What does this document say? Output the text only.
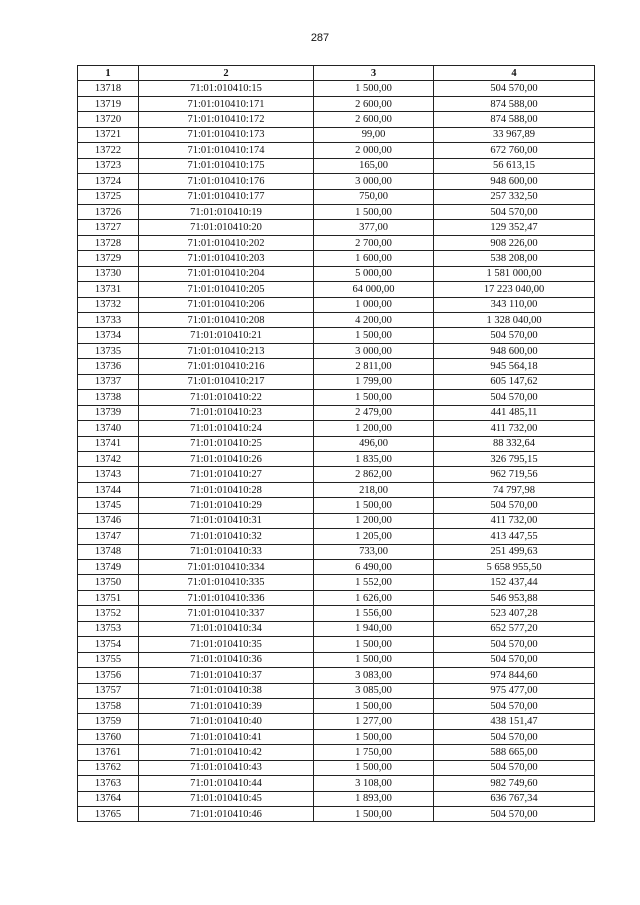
287
1	2	3	4
13718	71:01:010410:15	1 500,00	504 570,00
13719	71:01:010410:171	2 600,00	874 588,00
13720	71:01:010410:172	2 600,00	874 588,00
13721	71:01:010410:173	99,00	33 967,89
13722	71:01:010410:174	2 000,00	672 760,00
13723	71:01:010410:175	165,00	56 613,15
13724	71:01:010410:176	3 000,00	948 600,00
13725	71:01:010410:177	750,00	257 332,50
13726	71:01:010410:19	1 500,00	504 570,00
13727	71:01:010410:20	377,00	129 352,47
13728	71:01:010410:202	2 700,00	908 226,00
13729	71:01:010410:203	1 600,00	538 208,00
13730	71:01:010410:204	5 000,00	1 581 000,00
13731	71:01:010410:205	64 000,00	17 223 040,00
13732	71:01:010410:206	1 000,00	343 110,00
13733	71:01:010410:208	4 200,00	1 328 040,00
13734	71:01:010410:21	1 500,00	504 570,00
13735	71:01:010410:213	3 000,00	948 600,00
13736	71:01:010410:216	2 811,00	945 564,18
13737	71:01:010410:217	1 799,00	605 147,62
13738	71:01:010410:22	1 500,00	504 570,00
13739	71:01:010410:23	2 479,00	441 485,11
13740	71:01:010410:24	1 200,00	411 732,00
13741	71:01:010410:25	496,00	88 332,64
13742	71:01:010410:26	1 835,00	326 795,15
13743	71:01:010410:27	2 862,00	962 719,56
13744	71:01:010410:28	218,00	74 797,98
13745	71:01:010410:29	1 500,00	504 570,00
13746	71:01:010410:31	1 200,00	411 732,00
13747	71:01:010410:32	1 205,00	413 447,55
13748	71:01:010410:33	733,00	251 499,63
13749	71:01:010410:334	6 490,00	5 658 955,50
13750	71:01:010410:335	1 552,00	152 437,44
13751	71:01:010410:336	1 626,00	546 953,88
13752	71:01:010410:337	1 556,00	523 407,28
13753	71:01:010410:34	1 940,00	652 577,20
13754	71:01:010410:35	1 500,00	504 570,00
13755	71:01:010410:36	1 500,00	504 570,00
13756	71:01:010410:37	3 083,00	974 844,60
13757	71:01:010410:38	3 085,00	975 477,00
13758	71:01:010410:39	1 500,00	504 570,00
13759	71:01:010410:40	1 277,00	438 151,47
13760	71:01:010410:41	1 500,00	504 570,00
13761	71:01:010410:42	1 750,00	588 665,00
13762	71:01:010410:43	1 500,00	504 570,00
13763	71:01:010410:44	3 108,00	982 749,60
13764	71:01:010410:45	1 893,00	636 767,34
13765	71:01:010410:46	1 500,00	504 570,00
